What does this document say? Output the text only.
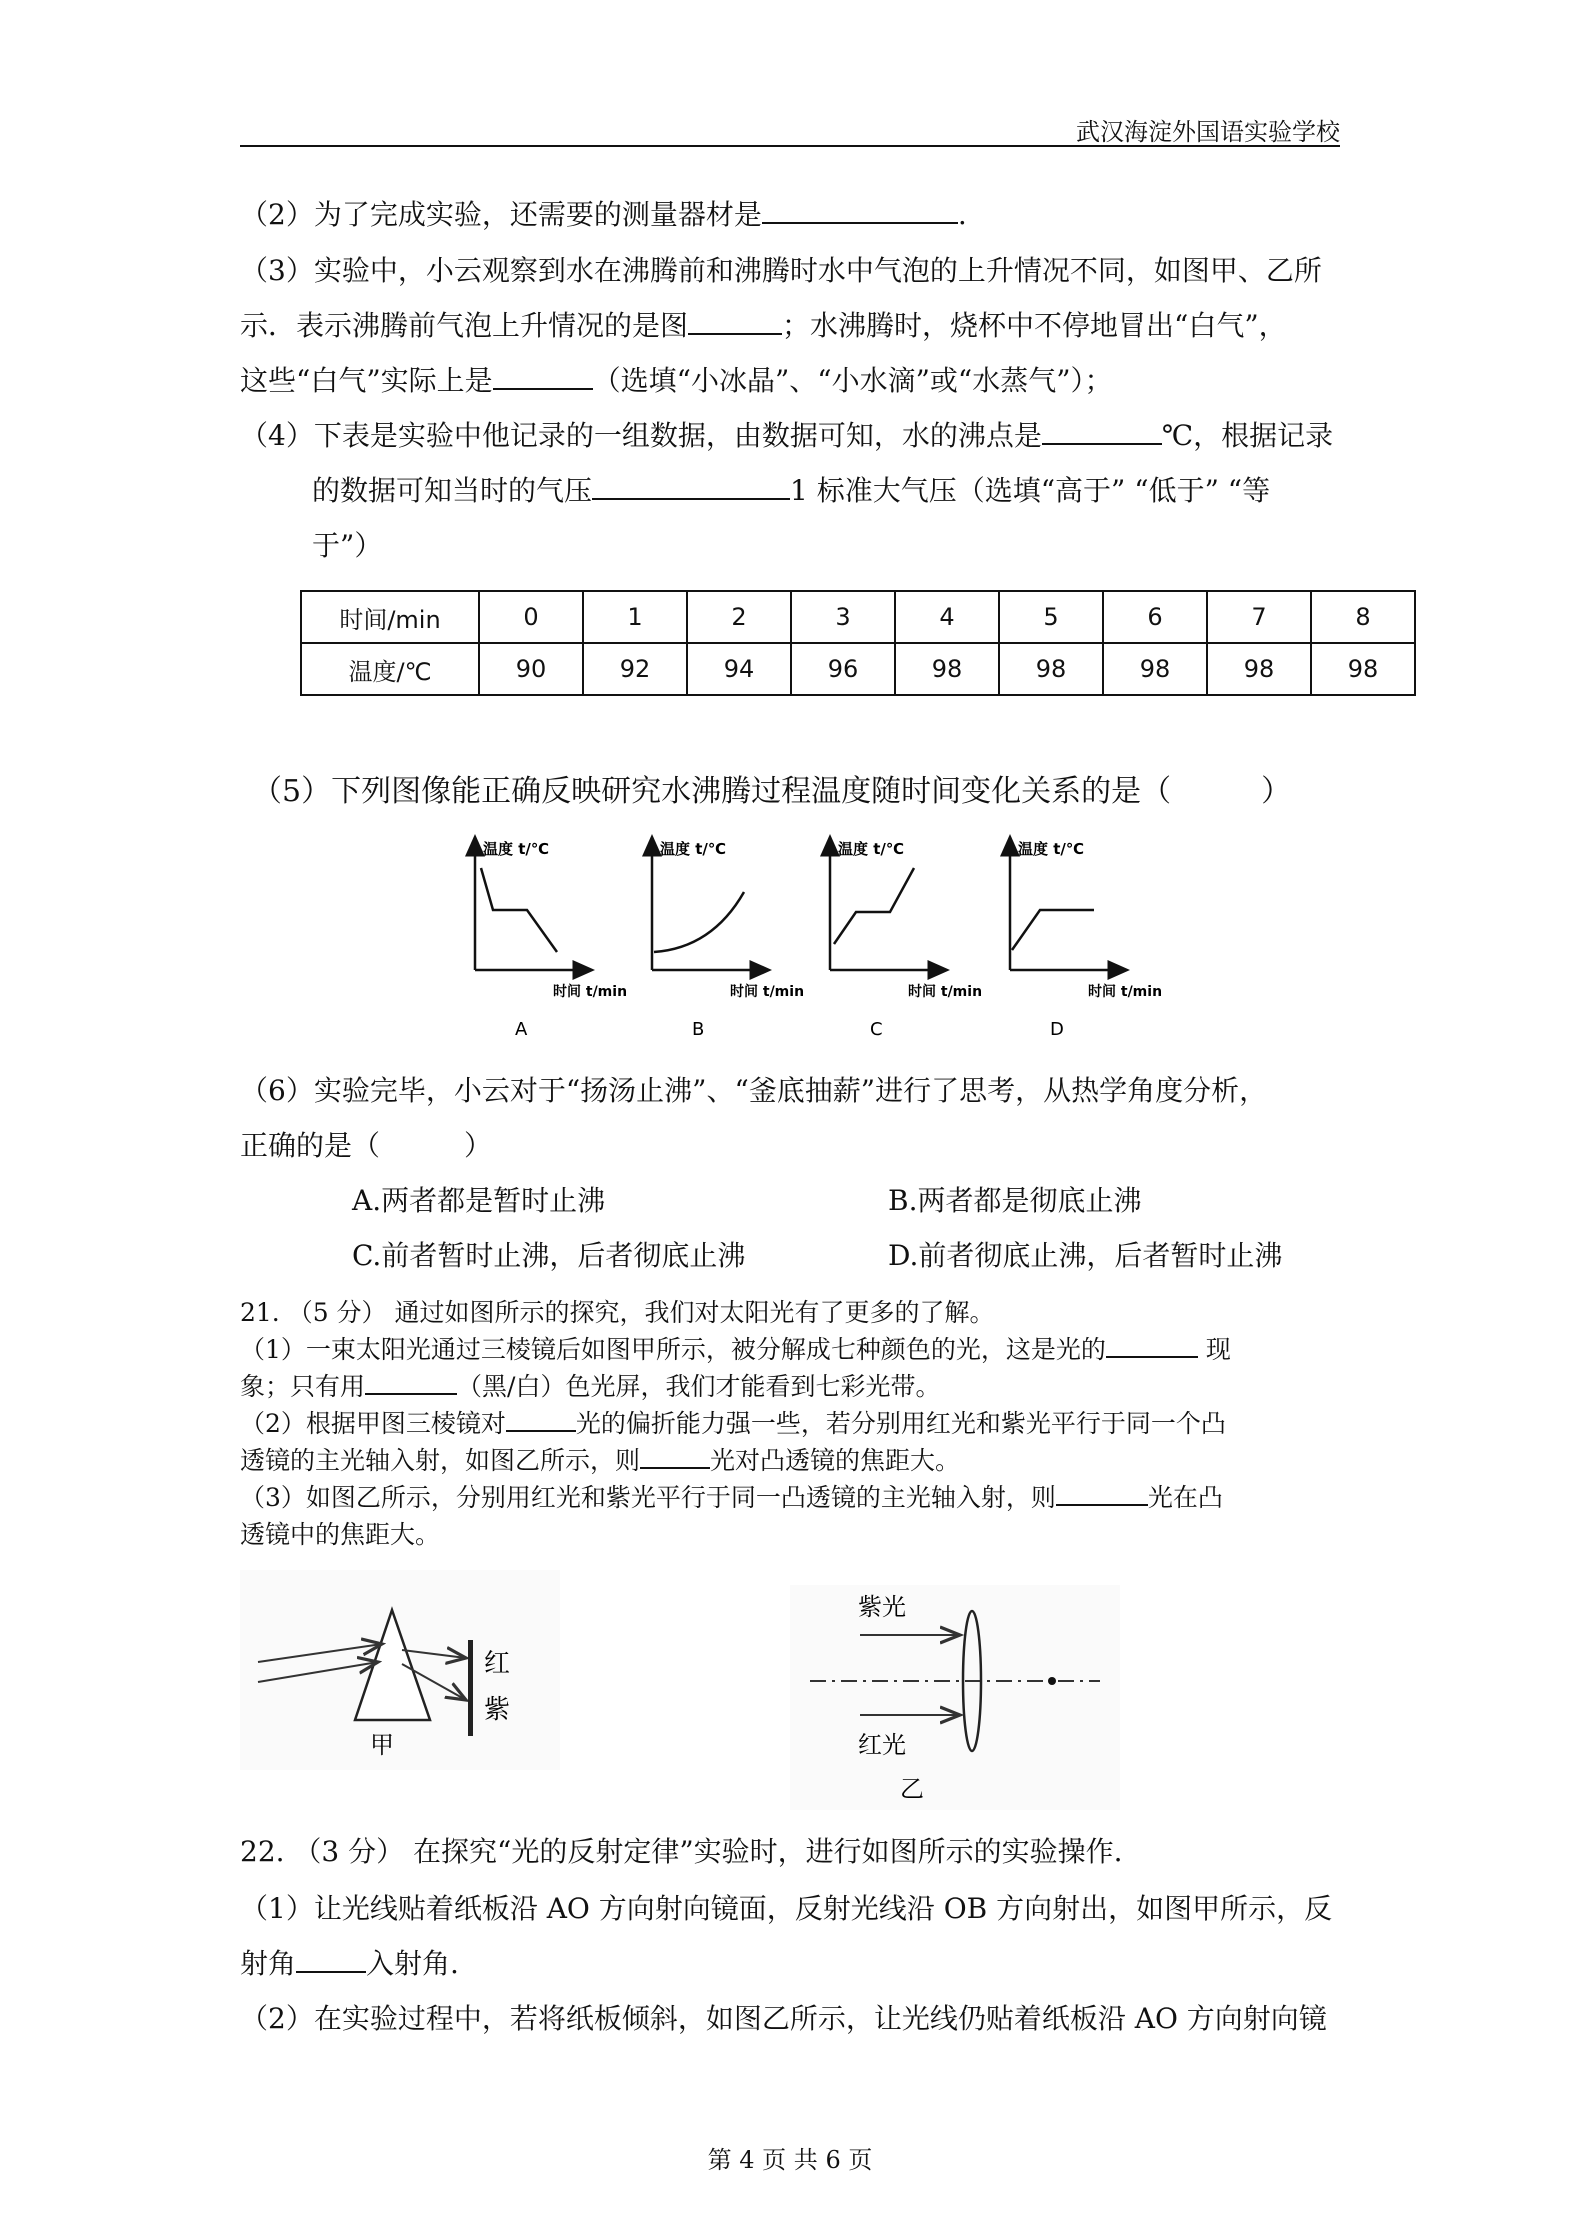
武汉海淀外国语实验学校
（2）为了完成实验，还需要的测量器材是	.
（3）实验中，小云观察到水在沸腾前和沸腾时水中气泡的上升情况不同，如图甲、乙所
示．表示沸腾前气泡上升情况的是图	；水沸腾时，烧杯中不停地冒出“白气”，
这些“白气”实际上是	（选填“小冰晶”、“小水滴”或“水蒸气”）；
（4）下表是实验中他记录的一组数据，由数据可知，水的沸点是	℃，根据记录
的数据可知当时的气压	1 标准大气压（选填“高于” “低于” “等
于”）
时间/min	0	1	2	3	4	5	6	7	8
温度/℃	90	92	94	96	98	98	98	98	98
（5）下列图像能正确反映研究水沸腾过程温度随时间变化关系的是（	）
温度 t/℃
时间 t/min
A
温度 t/℃
时间 t/min
B
温度 t/℃
时间 t/min
C
温度 t/℃
时间 t/min
D
（6）实验完毕，小云对于“扬汤止沸”、“釜底抽薪”进行了思考，从热学角度分析，
正确的是（　　　）
A.两者都是暂时止沸	B.两者都是彻底止沸
C.前者暂时止沸，后者彻底止沸	D.前者彻底止沸，后者暂时止沸
21. （5 分） 通过如图所示的探究，我们对太阳光有了更多的了解。
（1）一束太阳光通过三棱镜后如图甲所示，被分解成七种颜色的光，这是光的	现
象；只有用	（黑/白）色光屏，我们才能看到七彩光带。
（2）根据甲图三棱镜对	光的偏折能力强一些，若分别用红光和紫光平行于同一个凸
透镜的主光轴入射，如图乙所示，则	光对凸透镜的焦距大。
（3）如图乙所示，分别用红光和紫光平行于同一凸透镜的主光轴入射，则	光在凸
透镜中的焦距大。
红
紫
甲
紫光
红光
乙
22. （3 分） 在探究“光的反射定律”实验时，进行如图所示的实验操作.
（1）让光线贴着纸板沿 AO 方向射向镜面，反射光线沿 OB 方向射出，如图甲所示，反
射角	入射角.
（2）在实验过程中，若将纸板倾斜，如图乙所示，让光线仍贴着纸板沿 AO 方向射向镜
第 4 页 共 6 页
